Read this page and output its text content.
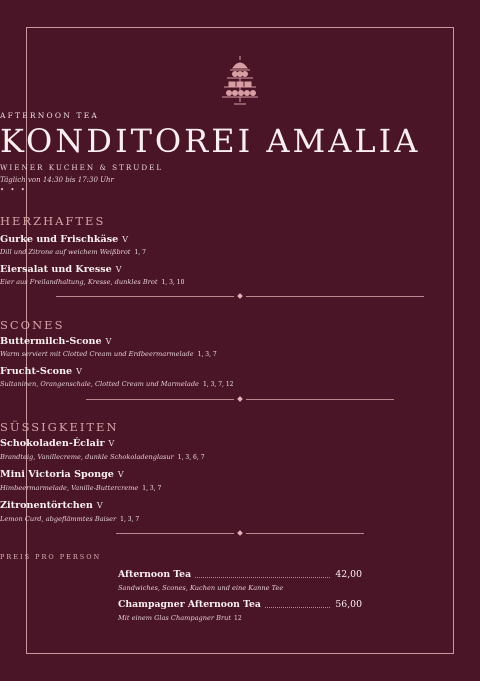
AFTERNOON TEA
KONDITOREI AMALIA
WIENER KUCHEN & STRUDEL
Täglich von 14:30 bis 17:30 Uhr
• • •
HERZHAFTES
Gurke und Frischkäse V
Dill und Zitrone auf weichem Weißbrot 1, 7
Eiersalat und Kresse V
Eier aus Freilandhaltung, Kresse, dunkles Brot 1, 3, 10
SCONES
Buttermilch-Scone V
Warm serviert mit Clotted Cream und Erdbeermarmelade 1, 3, 7
Frucht-Scone V
Sultaninen, Orangenschale, Clotted Cream und Marmelade 1, 3, 7, 12
SÜSSIGKEITEN
Schokoladen-Éclair V
Brandteig, Vanillecreme, dunkle Schokoladenglasur 1, 3, 6, 7
Mini Victoria Sponge V
Himbeermarmelade, Vanille-Buttercreme 1, 3, 7
Zitronentörtchen V
Lemon Curd, abgeflämmtes Baiser 1, 3, 7
PREIS PRO PERSON
Afternoon Tea	42,00
Sandwiches, Scones, Kuchen und eine Kanne Tee
Champagner Afternoon Tea	56,00
Mit einem Glas Champagner Brut 12
